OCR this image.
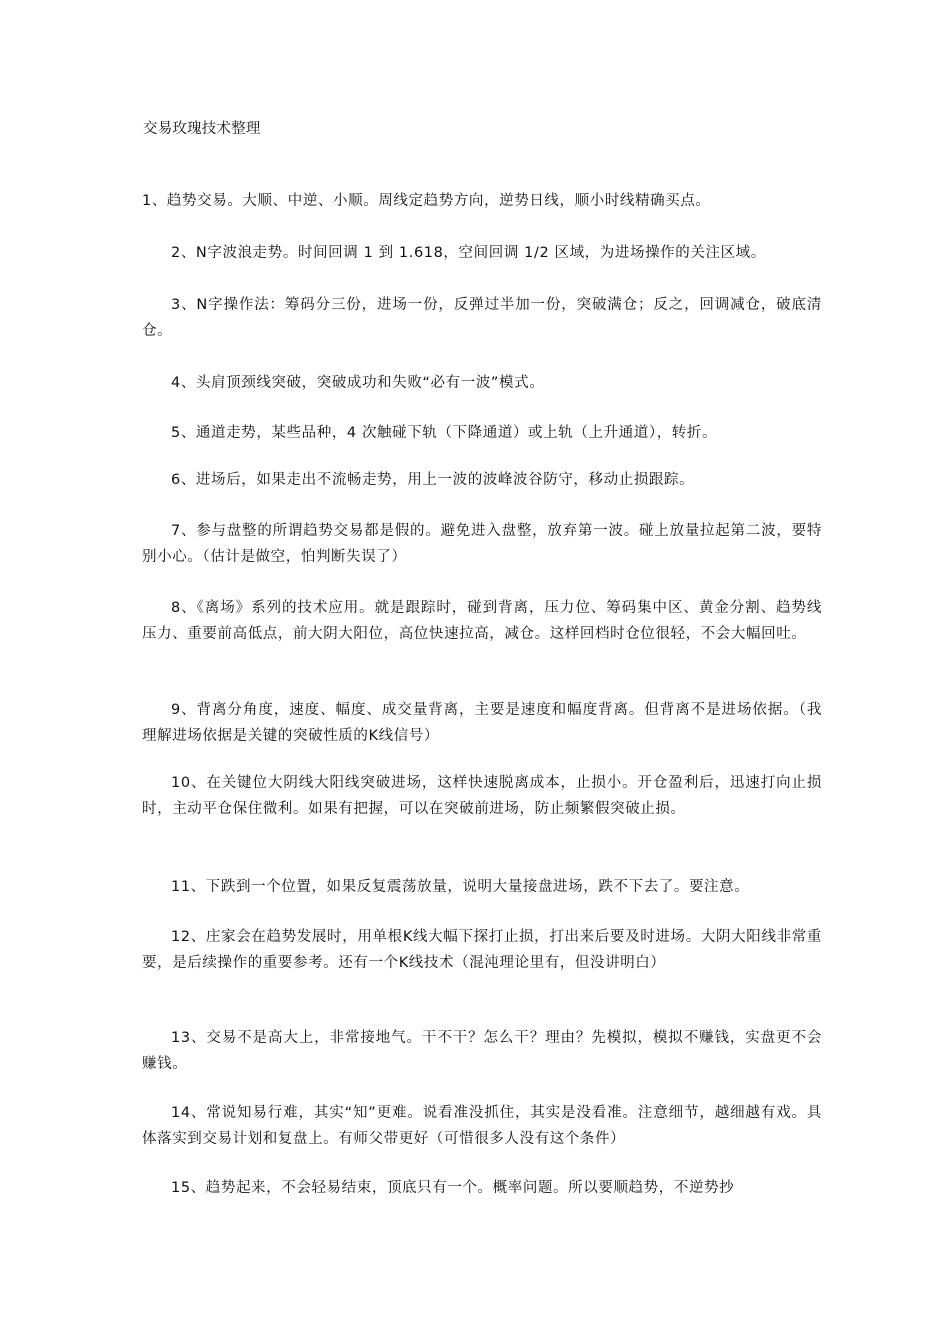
交易玫瑰技术整理

1、趋势交易。大顺、中逆、小顺。周线定趋势方向，逆势日线，顺小时线精确买点。

2、N字波浪走势。时间回调 1 到 1.618，空间回调 1/2 区域，为进场操作的关注区域。

3、N字操作法：筹码分三份，进场一份，反弹过半加一份，突破满仓；反之，回调减仓，破底清仓。

4、头肩顶颈线突破，突破成功和失败“必有一波”模式。

5、通道走势，某些品种，4 次触碰下轨（下降通道）或上轨（上升通道），转折。

6、进场后，如果走出不流畅走势，用上一波的波峰波谷防守，移动止损跟踪。

7、参与盘整的所谓趋势交易都是假的。避免进入盘整，放弃第一波。碰上放量拉起第二波，要特别小心。（估计是做空，怕判断失误了）

8、《离场》系列的技术应用。就是跟踪时，碰到背离，压力位、筹码集中区、黄金分割、趋势线压力、重要前高低点，前大阴大阳位，高位快速拉高，减仓。这样回档时仓位很轻，不会大幅回吐。

9、背离分角度，速度、幅度、成交量背离，主要是速度和幅度背离。但背离不是进场依据。（我理解进场依据是关键的突破性质的K线信号）

10、在关键位大阴线大阳线突破进场，这样快速脱离成本，止损小。开仓盈利后，迅速打向止损时，主动平仓保住微利。如果有把握，可以在突破前进场，防止频繁假突破止损。

11、下跌到一个位置，如果反复震荡放量，说明大量接盘进场，跌不下去了。要注意。

12、庄家会在趋势发展时，用单根K线大幅下探打止损，打出来后要及时进场。大阴大阳线非常重要，是后续操作的重要参考。还有一个K线技术（混沌理论里有，但没讲明白）

13、交易不是高大上，非常接地气。干不干？怎么干？理由？先模拟，模拟不赚钱，实盘更不会赚钱。

14、常说知易行难，其实“知”更难。说看准没抓住，其实是没看准。注意细节，越细越有戏。具体落实到交易计划和复盘上。有师父带更好（可惜很多人没有这个条件）

15、趋势起来，不会轻易结束，顶底只有一个。概率问题。所以要顺趋势，不逆势抄
